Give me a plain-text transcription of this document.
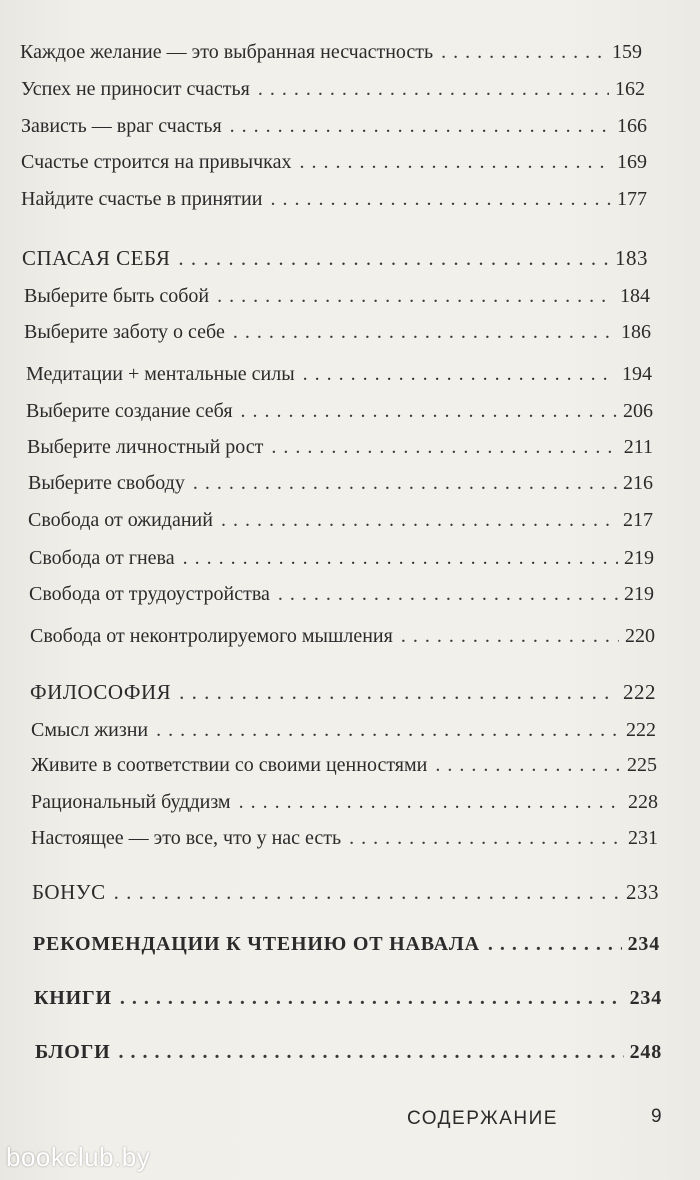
Каждое желание — это выбранная несчастность . . .	159
Успех не приносит счастья . . .	162
Зависть — враг счастья . . .	166
Счастье строится на привычках . . .	169
Найдите счастье в принятии . . .	177
СПАСАЯ СЕБЯ . . .	183
Выберите быть собой . . .	184
Выберите заботу о себе . . .	186
Медитации + ментальные силы . . .	194
Выберите создание себя . . .	206
Выберите личностный рост . . .	211
Выберите свободу . . .	216
Свобода от ожиданий . . .	217
Свобода от гнева . . .	219
Свобода от трудоустройства . . .	219
Свобода от неконтролируемого мышления . . .	220
ФИЛОСОФИЯ . . .	222
Смысл жизни . . .	222
Живите в соответствии со своими ценностями . . .	225
Рациональный буддизм . . .	228
Настоящее — это все, что у нас есть . . .	231
БОНУС . . .	233
РЕКОМЕНДАЦИИ К ЧТЕНИЮ ОТ НАВАЛА . . .	234
КНИГИ . . .	234
БЛОГИ . . .	248
СОДЕРЖАНИЕ	9
bookclub.by
